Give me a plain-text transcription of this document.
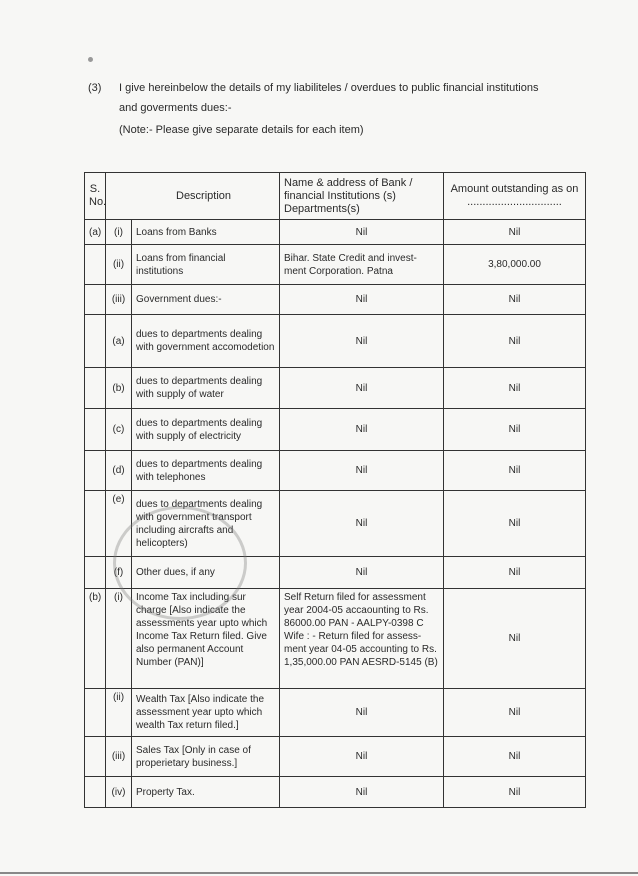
(3) I give hereinbelow the details of my liabiliteles / overdues to public financial institutions
and goverments dues:-
(Note:- Please give separate details for each item)
S. No.	Description		Name & address of Bank / financial Institutions (s) Departments(s)	Amount outstanding as on ...............................
(a)	(i)	Loans from Banks	Nil	Nil
	(ii)	Loans from financial institutions	Bihar. State Credit and invest-ment Corporation. Patna	3,80,000.00
	(iii)	Government dues:-	Nil	Nil
	(a)	dues to departments dealing with government accomodetion	Nil	Nil
	(b)	dues to departments dealing with supply of water	Nil	Nil
	(c)	dues to departments dealing with supply of electricity	Nil	Nil
	(d)	dues to departments dealing with telephones	Nil	Nil
	(e)	dues to departments dealing with government transport including aircrafts and helicopters)	Nil	Nil
	(f)	Other dues, if any	Nil	Nil
(b)	(i)	Income Tax including sur charge [Also indicate the assessments year upto which Income Tax Return filed. Give also permanent Account Number (PAN)]	Self Return filed for assessment year 2004-05 accaounting to Rs. 86000.00 PAN - AALPY-0398 C Wife : - Return filed for assess-ment year 04-05 accounting to Rs. 1,35,000.00 PAN AESRD-5145 (B)	Nil
	(ii)	Wealth Tax [Also indicate the assessment year upto which wealth Tax return filed.]	Nil	Nil
	(iii)	Sales Tax [Only in case of properietary business.]	Nil	Nil
	(iv)	Property Tax.	Nil	Nil
